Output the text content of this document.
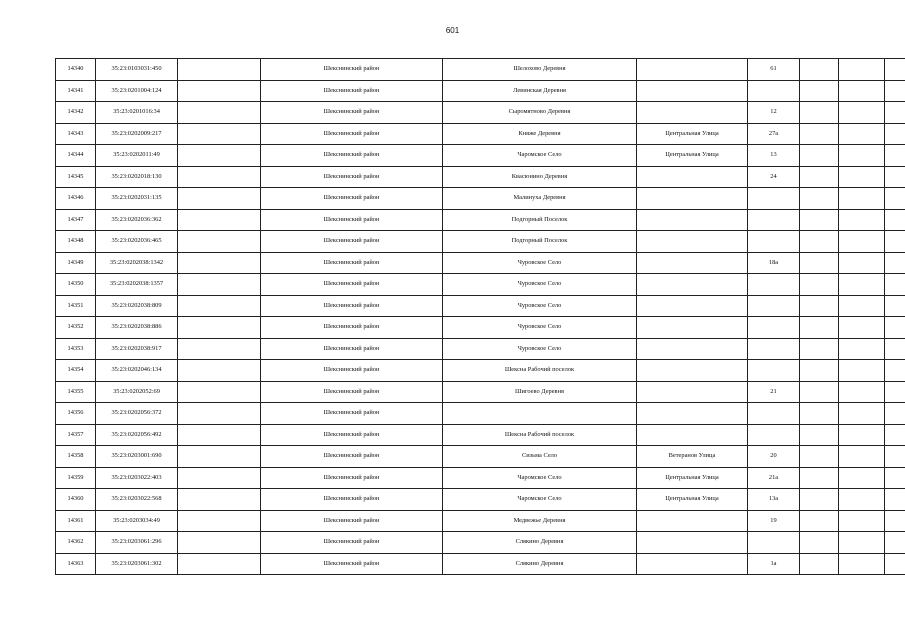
601
14340	35:23:0103031:450		Шекснинский район	Шелохово Деревня		61			
14341	35:23:0201004:124		Шекснинский район	Левинская Деревня					
14342	35:23:0201016:34		Шекснинский район	Сыромятново Деревня		12			
14343	35:23:0202009:217		Шекснинский район	Княже Деревня	Центральная Улица	27а			
14344	35:23:0202011:49		Шекснинский район	Чаромское Село	Центральная Улица	13			
14345	35:23:0202018:130		Шекснинский район	Квасюнино Деревня		24			
14346	35:23:0202031:135		Шекснинский район	Малинуха Деревня					
14347	35:23:0202036:362		Шекснинский район	Подгорный Поселок					
14348	35:23:0202036:465		Шекснинский район	Подгорный Поселок					
14349	35:23:0202038:1342		Шекснинский район	Чуровское Село		18а			
14350	35:23:0202038:1357		Шекснинский район	Чуровское Село					
14351	35:23:0202038:809		Шекснинский район	Чуровское Село					
14352	35:23:0202038:886		Шекснинский район	Чуровское Село					
14353	35:23:0202038:917		Шекснинский район	Чуровское Село					
14354	35:23:0202046:134		Шекснинский район	Шексна Рабочий поселок					
14355	35:23:0202052:69		Шекснинский район	Шигоево Деревня		21			
14356	35:23:0202056:372		Шекснинский район						
14357	35:23:0202056:492		Шекснинский район	Шексна Рабочий поселок					
14358	35:23:0203001:690		Шекснинский район	Сизьма Село	Ветеранов Улица	20			
14359	35:23:0203022:403		Шекснинский район	Чаромское Село	Центральная Улица	21а			
14360	35:23:0203022:568		Шекснинский район	Чаромское Село	Центральная Улица	13а			
14361	35:23:0203034:49		Шекснинский район	Медвежье Деревня		19			
14362	35:23:0203061:296		Шекснинский район	Слякино Деревня					
14363	35:23:0203061:302		Шекснинский район	Слякино Деревня		1а			
